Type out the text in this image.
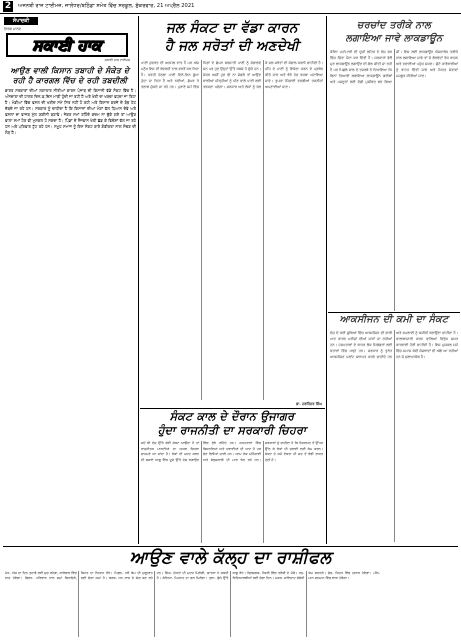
2	ਅਜਨਬੀ ਰਾਜ ਟਾਈਮਜ਼, ਜਾਲੰਧਰ/ਬਠਿੰਡਾ ਸਮੇਤ ਵਿੱਚ ਸਰਕੂਲ, ਸ਼ੁੱਕਰਵਾਰ, 21 ਅਪ੍ਰੈਲ 2021
ਸੰਪਾਦਕੀ
ਨਿਰਭ ਮਾਨਵ
ਸਕਾਈ ਹਾਕ
ਸਕਾਈ ਹਾਕ ਟਾਈਮਜ਼
ਆਉਣ ਵਾਲੀ ਕਿਸਾਨ ਤਬਾਹੀ ਦੇ ਸੰਕੇਤ ਦੇ ਰਹੀ ਹੈ ਕਾਰਗਲ ਵਿੱਚ ਦੇ ਰਹੀ ਤਬਦੀਲੀ
ਭਾਰਤ ਸਰਕਾਰਾਂ ਦੀਆਂ ਲਗਾਤਾਰ ਨੀਤੀਆਂ ਕਾਰਨ ਪੰਜਾਬ ਦੀ ਕਿਸਾਨੀ ਵੱਡੇ ਸੰਕਟ ਵਿੱਚ ਹੈ। ਅੰਨਦਾਤਾ ਦੀ ਹਾਲਤ ਦਿਨ-ਬ-ਦਿਨ ਮਾੜੀ ਹੁੰਦੀ ਜਾ ਰਹੀ ਹੈ ਅਤੇ ਖੇਤੀ ਦਾ ਖਰਚਾ ਵਧਦਾ ਜਾ ਰਿਹਾ ਹੈ। ਮੰਡੀਆਂ ਵਿੱਚ ਫਸਲ ਦੀ ਖਰੀਦ ਸਮੇਂ ਸਿਰ ਨਹੀਂ ਹੋ ਰਹੀ ਅਤੇ ਕਿਸਾਨ ਕਰਜ਼ੇ ਦੇ ਬੋਝ ਹੇਠ ਦੱਬਦੇ ਜਾ ਰਹੇ ਹਨ। ਸਰਕਾਰ ਨੂੰ ਚਾਹੀਦਾ ਹੈ ਕਿ ਕਿਸਾਨਾਂ ਦੀਆਂ ਮੰਗਾਂ ਵੱਲ ਧਿਆਨ ਦੇਵੇ ਅਤੇ ਫਸਲਾਂ ਦਾ ਵਾਜਬ ਮੁੱਲ ਯਕੀਨੀ ਬਣਾਵੇ। ਜੇਕਰ ਸਮਾਂ ਰਹਿੰਦੇ ਕਦਮ ਨਾ ਚੁੱਕੇ ਗਏ ਤਾਂ ਆਉਣ ਵਾਲਾ ਸਮਾਂ ਹੋਰ ਵੀ ਮੁਸ਼ਕਲ ਹੋ ਸਕਦਾ ਹੈ। ਪਿੰਡਾਂ ਦੇ ਨੌਜਵਾਨ ਖੇਤੀ ਛੱਡ ਕੇ ਵਿਦੇਸ਼ਾਂ ਵੱਲ ਜਾ ਰਹੇ ਹਨ ਅਤੇ ਪਰਿਵਾਰ ਟੁੱਟ ਰਹੇ ਹਨ। ਸਮੂਹ ਸਮਾਜ ਨੂੰ ਇਸ ਸੰਕਟ ਬਾਰੇ ਗੰਭੀਰਤਾ ਨਾਲ ਸੋਚਣ ਦੀ ਲੋੜ ਹੈ।
ਜਲ ਸੰਕਟ ਦਾ ਵੱਡਾ ਕਾਰਨ
ਹੈ ਜਲ ਸਰੋਤਾਂ ਦੀ ਅਣਦੇਖੀ
ਪਾਣੀ ਕੁਦਰਤ ਦੀ ਅਨਮੋਲ ਦਾਤ ਹੈ ਪਰ ਅੱਜ ਮਨੁੱਖ ਇਸ ਦੀ ਬੇਦਰਦੀ ਨਾਲ ਵਰਤੋਂ ਕਰ ਰਿਹਾ ਹੈ। ਧਰਤੀ ਹੇਠਲਾ ਪਾਣੀ ਦਿਨੋ-ਦਿਨ ਡੂੰਘਾ ਹੁੰਦਾ ਜਾ ਰਿਹਾ ਹੈ ਅਤੇ ਨਦੀਆਂ, ਛੱਪੜ ਤੇ ਤਲਾਬ ਸੁੱਕਦੇ ਜਾ ਰਹੇ ਹਨ। ਪੁਰਾਣੇ ਸਮੇਂ ਵਿੱਚ ਪਿੰਡਾਂ ਦੇ ਛੱਪੜ ਬਰਸਾਤੀ ਪਾਣੀ ਨੂੰ ਸੰਭਾਲਦੇ ਸਨ ਪਰ ਹੁਣ ਉਨ੍ਹਾਂ ਉੱਤੇ ਕਬਜ਼ੇ ਹੋ ਚੁੱਕੇ ਹਨ। ਜੇਕਰ ਅਸੀਂ ਹੁਣ ਵੀ ਨਾ ਸੰਭਲੇ ਤਾਂ ਆਉਣ ਵਾਲੀਆਂ ਪੀੜ੍ਹੀਆਂ ਨੂੰ ਪੀਣ ਵਾਲੇ ਪਾਣੀ ਲਈ ਤਰਸਣਾ ਪਵੇਗਾ। ਸਰਕਾਰ ਅਤੇ ਲੋਕਾਂ ਨੂੰ ਰਲ ਕੇ ਜਲ ਸਰੋਤਾਂ ਦੀ ਸੰਭਾਲ ਕਰਨੀ ਚਾਹੀਦੀ ਹੈ। ਮੀਂਹ ਦੇ ਪਾਣੀ ਨੂੰ ਇਕੱਠਾ ਕਰਨ ਦੇ ਪ੍ਰਬੰਧ ਕੀਤੇ ਜਾਣ ਅਤੇ ਝੋਨੇ ਹੇਠ ਰਕਬਾ ਘਟਾਇਆ ਜਾਵੇ। ਤੁਪਕਾ ਸਿੰਚਾਈ ਵਰਗੀਆਂ ਤਕਨੀਕਾਂ ਅਪਣਾਈਆਂ ਜਾਣ।
ਡਾ. ਹਰਜਿੰਦਰ ਸਿੰਘ
ਸੰਕਟ ਕਾਲ ਦੇ ਦੌਰਾਨ ਉਜਾਗਰ
ਹੁੰਦਾ ਰਾਜਨੀਤੀ ਦਾ ਸਰਕਾਰੀ ਚਿਹਰਾ
ਜਦੋਂ ਵੀ ਦੇਸ਼ ਉੱਤੇ ਕੋਈ ਸੰਕਟ ਆਉਂਦਾ ਹੈ ਤਾਂ ਰਾਜਨੀਤਕ ਪਾਰਟੀਆਂ ਦਾ ਅਸਲ ਚਿਹਰਾ ਸਾਹਮਣੇ ਆ ਜਾਂਦਾ ਹੈ। ਲੋਕਾਂ ਦੀ ਮਦਦ ਕਰਨ ਦੀ ਬਜਾਏ ਆਗੂ ਇੱਕ ਦੂਜੇ ਉੱਤੇ ਦੋਸ਼ ਲਗਾਉਣ ਵਿੱਚ ਰੁੱਝੇ ਰਹਿੰਦੇ ਹਨ। ਹਸਪਤਾਲਾਂ ਵਿੱਚ ਬਿਸਤਰਿਆਂ ਅਤੇ ਦਵਾਈਆਂ ਦੀ ਘਾਟ ਹੈ ਪਰ ਚੋਣ ਰੈਲੀਆਂ ਜਾਰੀ ਹਨ। ਆਮ ਲੋਕ ਮਹਿੰਗਾਈ ਅਤੇ ਬੇਰੁਜ਼ਗਾਰੀ ਦੀ ਮਾਰ ਝੱਲ ਰਹੇ ਹਨ। ਸਰਕਾਰਾਂ ਨੂੰ ਚਾਹੀਦਾ ਹੈ ਕਿ ਸਿਆਸਤ ਤੋਂ ਉੱਪਰ ਉੱਠ ਕੇ ਲੋਕਾਂ ਦੀ ਭਲਾਈ ਲਈ ਕੰਮ ਕਰਨ। ਸੰਕਟ ਦੇ ਸਮੇਂ ਏਕਤਾ ਹੀ ਸਭ ਤੋਂ ਵੱਡੀ ਤਾਕਤ ਹੁੰਦੀ ਹੈ।
ਚਰਚਾਂਦ ਤਰੀਕੇ ਨਾਲ
ਲਗਾਇਆ ਜਾਵੇ ਲਾਕਡਾਊਨ
ਕੋਰੋਨਾ ਮਹਾਂਮਾਰੀ ਦੀ ਦੂਜੀ ਲਹਿਰ ਨੇ ਦੇਸ਼ ਭਰ ਵਿੱਚ ਚਿੰਤਾ ਪੈਦਾ ਕਰ ਦਿੱਤੀ ਹੈ। ਸਰਕਾਰਾਂ ਵੱਲੋਂ ਮੁੜ ਲਾਕਡਾਊਨ ਲਗਾਉਣ ਦੀ ਗੱਲ ਕੀਤੀ ਜਾ ਰਹੀ ਹੈ ਪਰ ਪਿਛਲੇ ਸਾਲ ਦੇ ਤਜਰਬੇ ਨੇ ਦਿਖਾਇਆ ਕਿ ਬਿਨਾਂ ਤਿਆਰੀ ਲਗਾਇਆ ਲਾਕਡਾਊਨ ਗਰੀਬਾਂ ਅਤੇ ਮਜ਼ਦੂਰਾਂ ਲਈ ਵੱਡੀ ਮੁਸੀਬਤ ਬਣ ਗਿਆ ਸੀ। ਇਸ ਲਈ ਲਾਕਡਾਊਨ ਯੋਜਨਾਬੱਧ ਤਰੀਕੇ ਨਾਲ ਲਗਾਇਆ ਜਾਵੇ ਤਾਂ ਜੋ ਲੋੜਵੰਦਾਂ ਤੱਕ ਰਾਸ਼ਨ ਅਤੇ ਦਵਾਈਆਂ ਪਹੁੰਚ ਸਕਣ। ਛੋਟੇ ਕਾਰੋਬਾਰੀਆਂ ਨੂੰ ਰਾਹਤ ਦਿੱਤੀ ਜਾਵੇ ਅਤੇ ਸਿਹਤ ਸੇਵਾਵਾਂ ਮਜ਼ਬੂਤ ਕੀਤੀਆਂ ਜਾਣ।
ਆਕਸੀਜਨ ਦੀ ਕਮੀ ਦਾ ਸੰਕਟ
ਦੇਸ਼ ਦੇ ਕਈ ਸੂਬਿਆਂ ਵਿੱਚ ਆਕਸੀਜਨ ਦੀ ਭਾਰੀ ਘਾਟ ਕਾਰਨ ਮਰੀਜ਼ਾਂ ਦੀਆਂ ਜਾਨਾਂ ਜਾ ਰਹੀਆਂ ਹਨ। ਹਸਪਤਾਲਾਂ ਦੇ ਬਾਹਰ ਲੋਕ ਸਿਲੰਡਰਾਂ ਲਈ ਕਤਾਰਾਂ ਵਿੱਚ ਖੜ੍ਹੇ ਹਨ। ਸਰਕਾਰ ਨੂੰ ਤੁਰੰਤ ਆਕਸੀਜਨ ਪਲਾਂਟ ਸਥਾਪਤ ਕਰਨੇ ਚਾਹੀਦੇ ਹਨ ਅਤੇ ਸਪਲਾਈ ਨੂੰ ਯਕੀਨੀ ਬਣਾਉਣਾ ਚਾਹੀਦਾ ਹੈ। ਕਾਲਾਬਾਜ਼ਾਰੀ ਕਰਨ ਵਾਲਿਆਂ ਵਿਰੁੱਧ ਸਖ਼ਤ ਕਾਰਵਾਈ ਹੋਣੀ ਚਾਹੀਦੀ ਹੈ। ਇਸ ਮੁਸ਼ਕਲ ਸਮੇਂ ਵਿੱਚ ਸਮਾਜ ਸੇਵੀ ਸੰਸਥਾਵਾਂ ਵੀ ਅੱਗੇ ਆ ਰਹੀਆਂ ਹਨ ਜੋ ਸ਼ਲਾਘਾਯੋਗ ਹੈ।
ਆਉਣ ਵਾਲੇ ਕੱਲ੍ਹ ਦਾ ਰਾਸ਼ੀਫਲ
ਮੇਖ- ਅੱਜ ਦਾ ਦਿਨ ਤੁਹਾਡੇ ਲਈ ਸ਼ੁਭ ਰਹੇਗਾ, ਕਾਰੋਬਾਰ ਵਿੱਚ ਲਾਭ ਹੋਵੇਗਾ। ਬ੍ਰਿਖ- ਪਰਿਵਾਰ ਨਾਲ ਸਮਾਂ ਬਿਤਾਓਗੇ, ਸਿਹਤ ਦਾ ਧਿਆਨ ਰੱਖੋ। ਮਿਥੁਨ- ਨਵੇਂ ਕੰਮ ਦੀ ਸ਼ੁਰੂਆਤ ਲਈ ਚੰਗਾ ਸਮਾਂ ਹੈ। ਕਰਕ- ਧਨ ਲਾਭ ਦੇ ਯੋਗ ਬਣ ਰਹੇ ਹਨ। ਸਿੰਘ- ਦੋਸਤਾਂ ਦੀ ਮਦਦ ਮਿਲੇਗੀ, ਯਾਤਰਾ ਹੋ ਸਕਦੀ ਹੈ। ਕੰਨਿਆ- ਮਿਹਨਤ ਦਾ ਫਲ ਮਿਲੇਗਾ। ਤੁਲਾ- ਗੁੱਸੇ ਉੱਤੇ ਕਾਬੂ ਰੱਖੋ। ਬ੍ਰਿਸ਼ਚਕ- ਨੌਕਰੀ ਵਿੱਚ ਤਰੱਕੀ ਦੇ ਮੌਕੇ। ਧਨੁ- ਵਿਦਿਆਰਥੀਆਂ ਲਈ ਚੰਗਾ ਦਿਨ। ਮਕਰ- ਜਾਇਦਾਦ ਸੰਬੰਧੀ ਕੰਮ ਬਣਨਗੇ। ਕੁੰਭ- ਸਿਹਤ ਵਿੱਚ ਸੁਧਾਰ ਹੋਵੇਗਾ। ਮੀਨ- ਮਾਨ ਸਨਮਾਨ ਵਿੱਚ ਵਾਧਾ ਹੋਵੇਗਾ।
